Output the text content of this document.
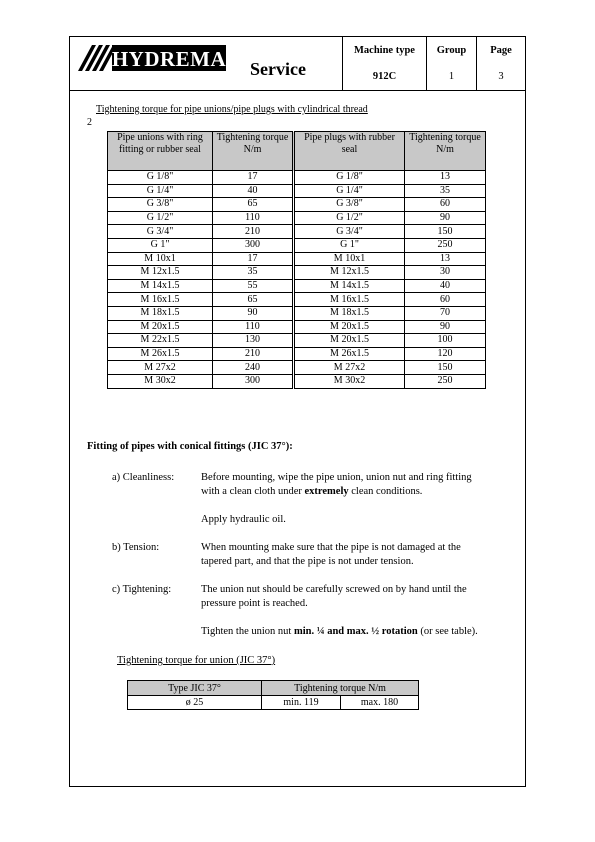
HYDREMA Service
Machine type
912C
Group
1
Page
3
Tightening torque for pipe unions/pipe plugs with cylindrical thread
2
Pipe unions with ring fitting or rubber seal	Tightening torque N/m	Pipe plugs with rubber seal	Tightening torque N/m
G 1/8"	17	G 1/8"	13
G 1/4"	40	G 1/4"	35
G 3/8"	65	G 3/8"	60
G 1/2"	110	G 1/2"	90
G 3/4"	210	G 3/4"	150
G 1"	300	G 1"	250
M 10x1	17	M 10x1	13
M 12x1.5	35	M 12x1.5	30
M 14x1.5	55	M 14x1.5	40
M 16x1.5	65	M 16x1.5	60
M 18x1.5	90	M 18x1.5	70
M 20x1.5	110	M 20x1.5	90
M 22x1.5	130	M 20x1.5	100
M 26x1.5	210	M 26x1.5	120
M 27x2	240	M 27x2	150
M 30x2	300	M 30x2	250
Fitting of pipes with conical fittings (JIC 37°):
a) Cleanliness:	Before mounting, wipe the pipe union, union nut and ring fitting
with a clean cloth under extremely clean conditions.
Apply hydraulic oil.
b) Tension:	When mounting make sure that the pipe is not damaged at the
tapered part, and that the pipe is not under tension.
c) Tightening:	The union nut should be carefully screwed on by hand until the
pressure point is reached.
Tighten the union nut min. ¼ and max. ½ rotation (or see table).
Tightening torque for union (JIC 37°)
Type JIC 37°	Tightening torque N/m	
ø 25	min. 119	max. 180
